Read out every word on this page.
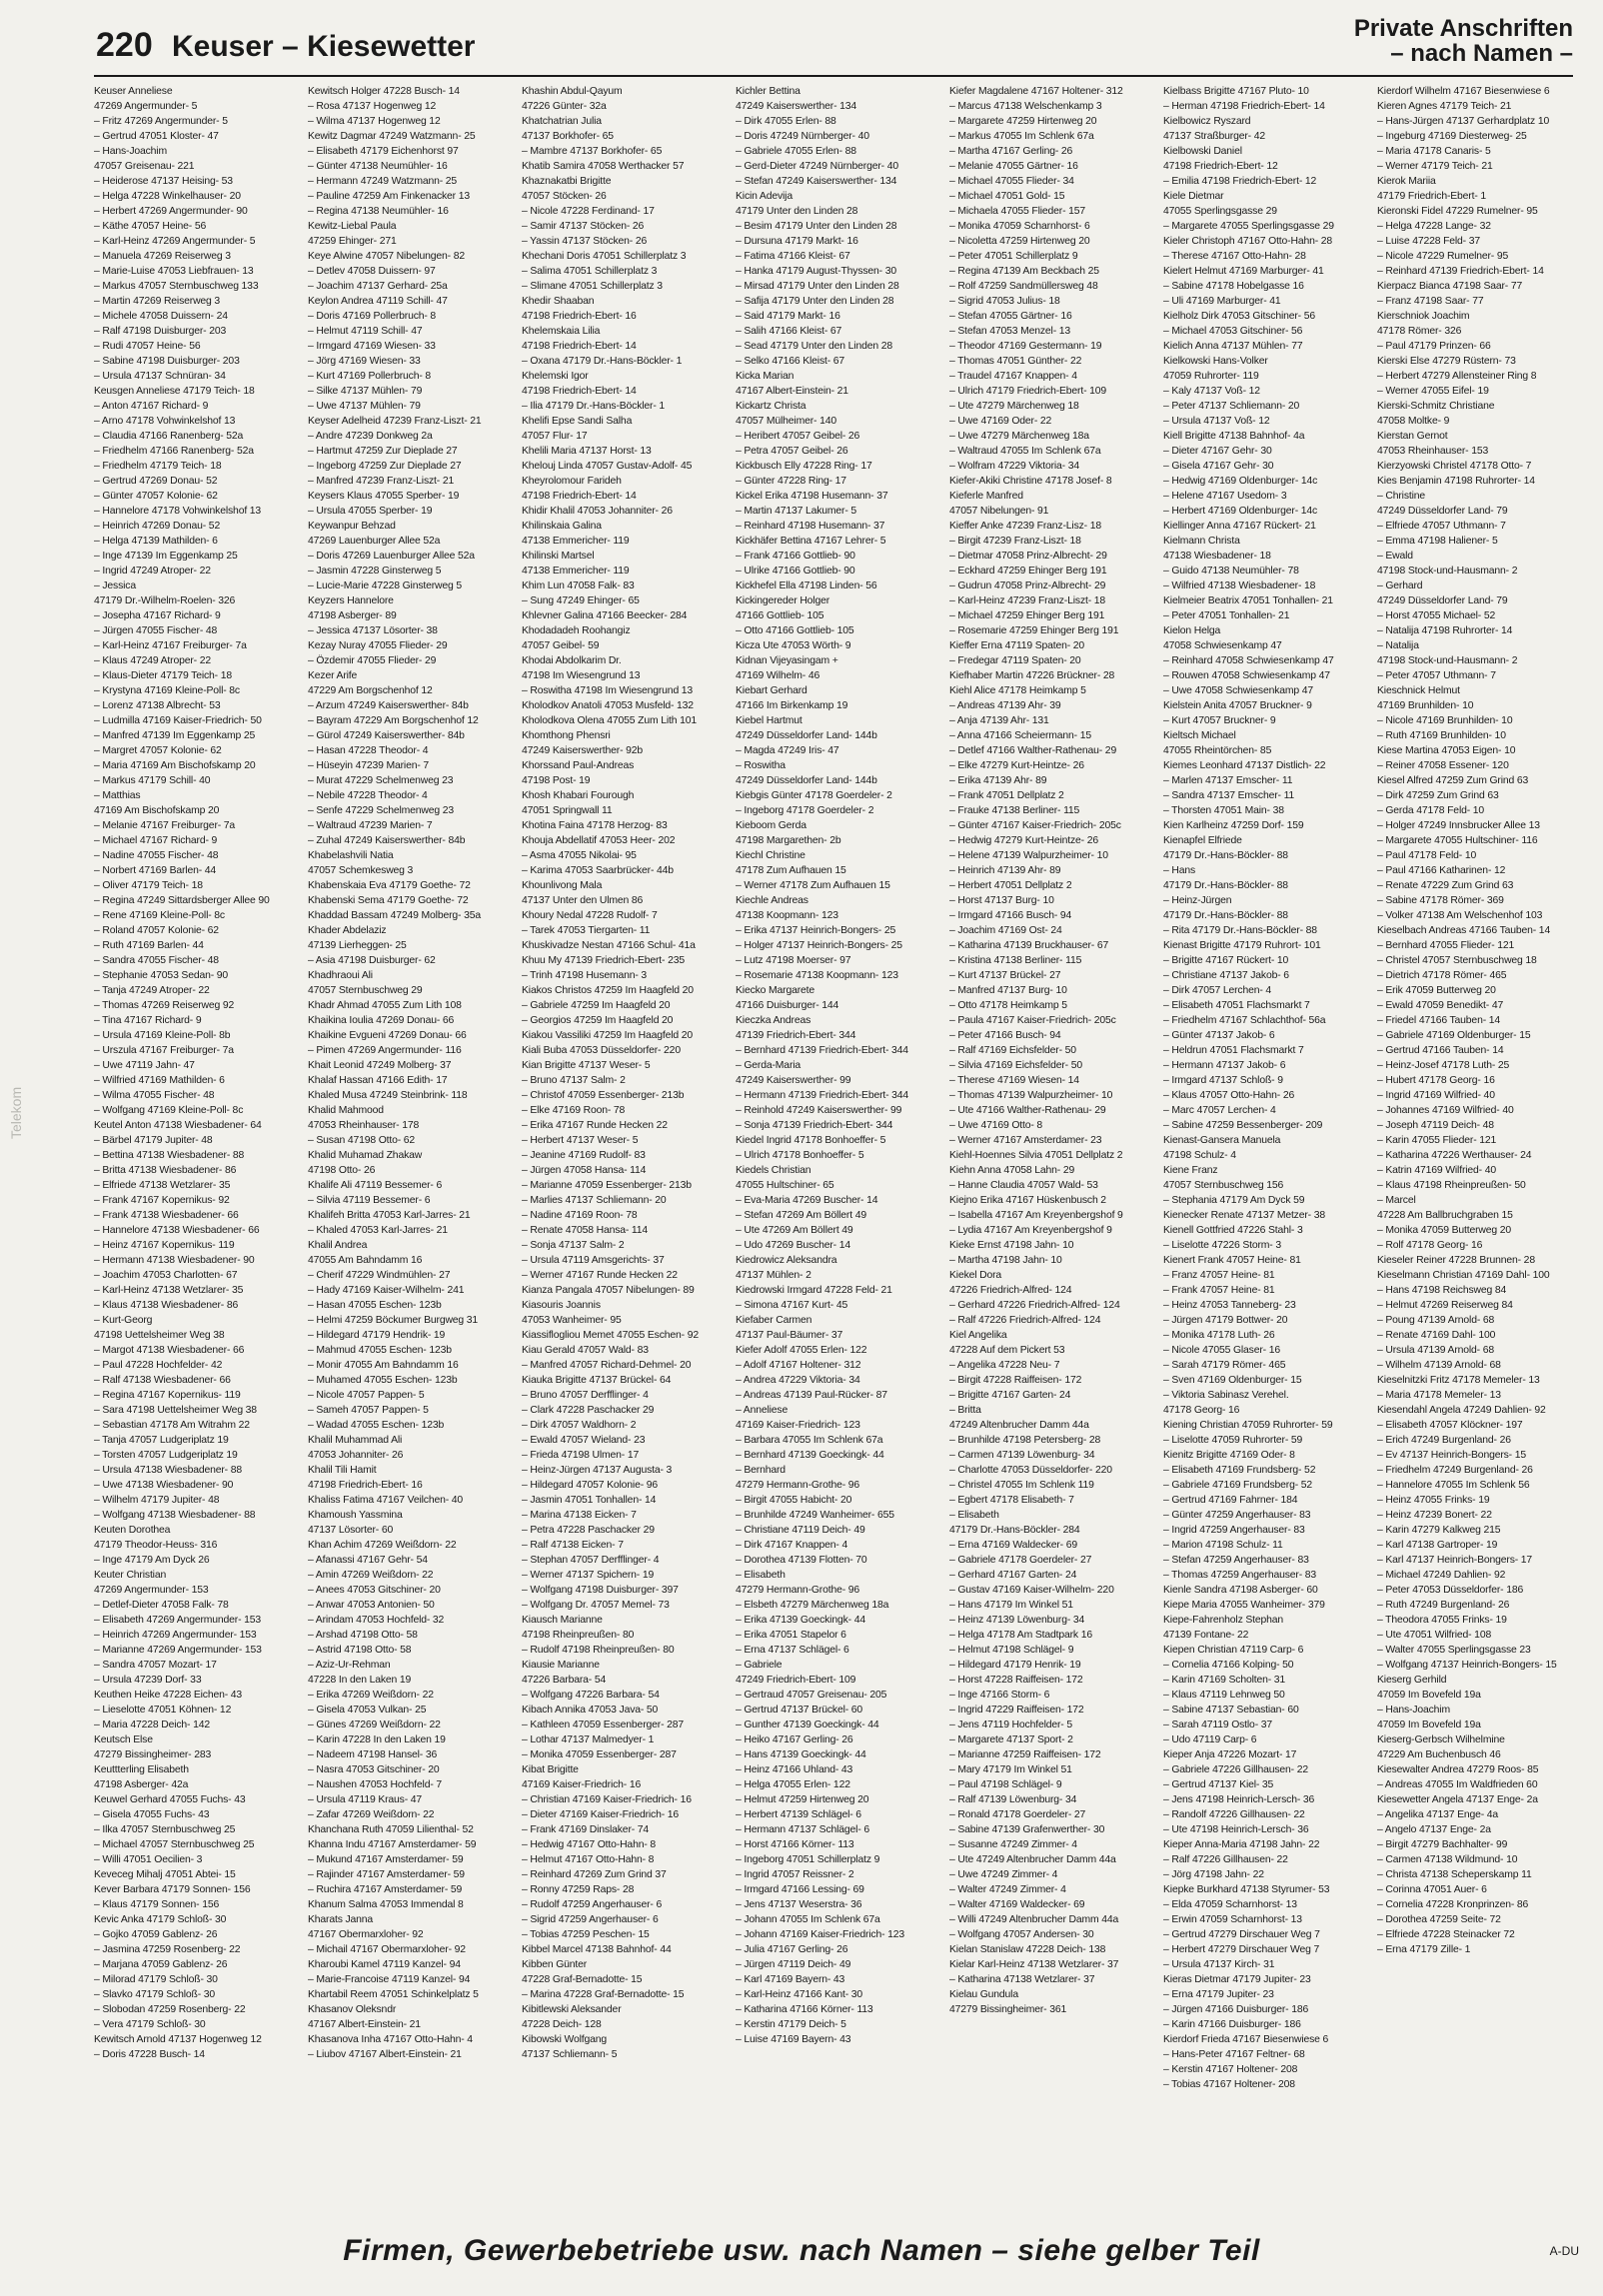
220 Keuser – Kiesewetter
Private Anschriften
– nach Namen –
Keuser Anneliese
47269 Angermunder- 5
– Fritz 47269 Angermunder- 5
– Gertrud 47051 Kloster- 47
– Hans-Joachim
47057 Greisenau- 221
– Heiderose 47137 Heising- 53
– Helga 47228 Winkelhauser- 20
– Herbert 47269 Angermunder- 90
– Käthe 47057 Heine- 56
– Karl-Heinz 47269 Angermunder- 5
– Manuela 47269 Reiserweg 3
– Marie-Luise 47053 Liebfrauen- 13
– Markus 47057 Sternbuschweg 133
– Martin 47269 Reiserweg 3
– Michele 47058 Duissern- 24
– Ralf 47198 Duisburger- 203
– Rudi 47057 Heine- 56
– Sabine 47198 Duisburger- 203
– Ursula 47137 Schnüran- 34
Keusgen Anneliese 47179 Teich- 18
– Anton 47167 Richard- 9
– Arno 47178 Vohwinkelshof 13
– Claudia 47166 Ranenberg- 52a
– Friedhelm 47166 Ranenberg- 52a
– Friedhelm 47179 Teich- 18
– Gertrud 47269 Donau- 52
– Günter 47057 Kolonie- 62
– Hannelore 47178 Vohwinkelshof 13
– Heinrich 47269 Donau- 52
– Helga 47139 Mathilden- 6
– Inge 47139 Im Eggenkamp 25
– Ingrid 47249 Atroper- 22
– Jessica
47179 Dr.-Wilhelm-Roelen- 326
– Josepha 47167 Richard- 9
– Jürgen 47055 Fischer- 48
– Karl-Heinz 47167 Freiburger- 7a
– Klaus 47249 Atroper- 22
– Klaus-Dieter 47179 Teich- 18
– Krystyna 47169 Kleine-Poll- 8c
– Lorenz 47138 Albrecht- 53
– Ludmilla 47169 Kaiser-Friedrich- 50
– Manfred 47139 Im Eggenkamp 25
– Margret 47057 Kolonie- 62
– Maria 47169 Am Bischofskamp 20
– Markus 47179 Schill- 40
– Matthias
47169 Am Bischofskamp 20
– Melanie 47167 Freiburger- 7a
– Michael 47167 Richard- 9
– Nadine 47055 Fischer- 48
– Norbert 47169 Barlen- 44
– Oliver 47179 Teich- 18
– Regina 47249 Sittardsberger Allee 90
– Rene 47169 Kleine-Poll- 8c
– Roland 47057 Kolonie- 62
– Ruth 47169 Barlen- 44
– Sandra 47055 Fischer- 48
– Stephanie 47053 Sedan- 90
– Tanja 47249 Atroper- 22
– Thomas 47269 Reiserweg 92
– Tina 47167 Richard- 9
– Ursula 47169 Kleine-Poll- 8b
– Urszula 47167 Freiburger- 7a
– Uwe 47119 Jahn- 47
– Wilfried 47169 Mathilden- 6
– Wilma 47055 Fischer- 48
– Wolfgang 47169 Kleine-Poll- 8c
Keutel Anton 47138 Wiesbadener- 64
– Bärbel 47179 Jupiter- 48
– Bettina 47138 Wiesbadener- 88
– Britta 47138 Wiesbadener- 86
– Elfriede 47138 Wetzlarer- 35
– Frank 47167 Kopernikus- 92
– Frank 47138 Wiesbadener- 66
– Hannelore 47138 Wiesbadener- 66
– Heinz 47167 Kopernikus- 119
– Hermann 47138 Wiesbadener- 90
– Joachim 47053 Charlotten- 67
– Karl-Heinz 47138 Wetzlarer- 35
– Klaus 47138 Wiesbadener- 86
– Kurt-Georg
47198 Uettelsheimer Weg 38
– Margot 47138 Wiesbadener- 66
– Paul 47228 Hochfelder- 42
– Ralf 47138 Wiesbadener- 66
– Regina 47167 Kopernikus- 119
– Sara 47198 Uettelsheimer Weg 38
– Sebastian 47178 Am Witrahm 22
– Tanja 47057 Ludgeriplatz 19
– Torsten 47057 Ludgeriplatz 19
– Ursula 47138 Wiesbadener- 88
– Uwe 47138 Wiesbadener- 90
– Wilhelm 47179 Jupiter- 48
– Wolfgang 47138 Wiesbadener- 88
Keuten Dorothea
47179 Theodor-Heuss- 316
– Inge 47179 Am Dyck 26
Keuter Christian
47269 Angermunder- 153
– Detlef-Dieter 47058 Falk- 78
– Elisabeth 47269 Angermunder- 153
– Heinrich 47269 Angermunder- 153
– Marianne 47269 Angermunder- 153
– Sandra 47057 Mozart- 17
– Ursula 47239 Dorf- 33
Keuthen Heike 47228 Eichen- 43
– Lieselotte 47051 Köhnen- 12
– Maria 47228 Deich- 142
Keutsch Else
47279 Bissingheimer- 283
Keuttterling Elisabeth
47198 Asberger- 42a
Keuwel Gerhard 47055 Fuchs- 43
– Gisela 47055 Fuchs- 43
– Ilka 47057 Sternbuschweg 25
– Michael 47057 Sternbuschweg 25
– Willi 47051 Oecilien- 3
Keveceg Mihalj 47051 Abtei- 15
Kever Barbara 47179 Sonnen- 156
– Klaus 47179 Sonnen- 156
Kevic Anka 47179 Schloß- 30
– Gojko 47059 Gablenz- 26
– Jasmina 47259 Rosenberg- 22
– Marjana 47059 Gablenz- 26
– Milorad 47179 Schloß- 30
– Slavko 47179 Schloß- 30
– Slobodan 47259 Rosenberg- 22
– Vera 47179 Schloß- 30
Kewitsch Arnold 47137 Hogenweg 12
– Doris 47228 Busch- 14
Kewitsch Holger 47228 Busch- 14
– Rosa 47137 Hogenweg 12
– Wilma 47137 Hogenweg 12
Kewitz Dagmar 47249 Watzmann- 25
– Elisabeth 47179 Eichenhorst 97
– Günter 47138 Neumühler- 16
– Hermann 47249 Watzmann- 25
– Pauline 47259 Am Finkenacker 13
– Regina 47138 Neumühler- 16
Kewitz-Liebal Paula
47259 Ehinger- 271
Keye Alwine 47057 Nibelungen- 82
– Detlev 47058 Duissern- 97
– Joachim 47137 Gerhard- 25a
Keylon Andrea 47119 Schill- 47
– Doris 47169 Pollerbruch- 8
– Helmut 47119 Schill- 47
– Irmgard 47169 Wiesen- 33
– Jörg 47169 Wiesen- 33
– Kurt 47169 Pollerbruch- 8
– Silke 47137 Mühlen- 79
– Uwe 47137 Mühlen- 79
Keyser Adelheid 47239 Franz-Liszt- 21
– Andre 47239 Donkweg 2a
– Hartmut 47259 Zur Dieplade 27
– Ingeborg 47259 Zur Dieplade 27
– Manfred 47239 Franz-Liszt- 21
Keysers Klaus 47055 Sperber- 19
– Ursula 47055 Sperber- 19
Keywanpur Behzad
47269 Lauenburger Allee 52a
– Doris 47269 Lauenburger Allee 52a
– Jasmin 47228 Ginsterweg 5
– Lucie-Marie 47228 Ginsterweg 5
Keyzers Hannelore
47198 Asberger- 89
– Jessica 47137 Lösorter- 38
Kezay Nuray 47055 Flieder- 29
– Özdemir 47055 Flieder- 29
Kezer Arife
47229 Am Borgschenhof 12
– Arzum 47249 Kaiserswerther- 84b
– Bayram 47229 Am Borgschenhof 12
– Gürol 47249 Kaiserswerther- 84b
– Hasan 47228 Theodor- 4
– Hüseyin 47239 Marien- 7
– Murat 47229 Schelmenweg 23
– Nebile 47228 Theodor- 4
– Senfe 47229 Schelmenweg 23
– Waltraud 47239 Marien- 7
– Zuhal 47249 Kaiserswerther- 84b
Khabelashvili Natia
47057 Schemkesweg 3
Khabenskaia Eva 47179 Goethe- 72
Khabenski Sema 47179 Goethe- 72
Khaddad Bassam 47249 Molberg- 35a
Khader Abdelaziz
47139 Lierheggen- 25
– Asia 47198 Duisburger- 62
Khadhraoui Ali
47057 Sternbuschweg 29
Khadr Ahmad 47055 Zum Lith 108
Khaikina Ioulia 47269 Donau- 66
Khaikine Evgueni 47269 Donau- 66
– Pimen 47269 Angermunder- 116
Khait Leonid 47249 Molberg- 37
Khalaf Hassan 47166 Edith- 17
Khaled Musa 47249 Steinbrink- 118
Khalid Mahmood
47053 Rheinhauser- 178
– Susan 47198 Otto- 62
Khalid Muhamad Zhakaw
47198 Otto- 26
Khalife Ali 47119 Bessemer- 6
– Silvia 47119 Bessemer- 6
Khalifeh Britta 47053 Karl-Jarres- 21
– Khaled 47053 Karl-Jarres- 21
Khalil Andrea
47055 Am Bahndamm 16
– Cherif 47229 Windmühlen- 27
– Hady 47169 Kaiser-Wilhelm- 241
– Hasan 47055 Eschen- 123b
– Helmi 47259 Böckumer Burgweg 31
– Hildegard 47179 Hendrik- 19
– Mahmud 47055 Eschen- 123b
– Monir 47055 Am Bahndamm 16
– Muhamed 47055 Eschen- 123b
– Nicole 47057 Pappen- 5
– Sameh 47057 Pappen- 5
– Wadad 47055 Eschen- 123b
Khalil Muhammad Ali
47053 Johanniter- 26
Khalil Tili Hamit
47198 Friedrich-Ebert- 16
Khaliss Fatima 47167 Veilchen- 40
Khamoush Yassmina
47137 Lösorter- 60
Khan Achim 47269 Weißdorn- 22
– Afanassi 47167 Gehr- 54
– Amin 47269 Weißdorn- 22
– Anees 47053 Gitschiner- 20
– Anwar 47053 Antonien- 50
– Arindam 47053 Hochfeld- 32
– Arshad 47198 Otto- 58
– Astrid 47198 Otto- 58
– Aziz-Ur-Rehman
47228 In den Laken 19
– Erika 47269 Weißdorn- 22
– Gisela 47053 Vulkan- 25
– Günes 47269 Weißdorn- 22
– Karin 47228 In den Laken 19
– Nadeem 47198 Hansel- 36
– Nasra 47053 Gitschiner- 20
– Naushen 47053 Hochfeld- 7
– Ursula 47119 Kraus- 47
– Zafar 47269 Weißdorn- 22
Khanchana Ruth 47059 Lilienthal- 52
Khanna Indu 47167 Amsterdamer- 59
– Mukund 47167 Amsterdamer- 59
– Rajinder 47167 Amsterdamer- 59
– Ruchira 47167 Amsterdamer- 59
Khanum Salma 47053 Immendal 8
Kharats Janna
47167 Obermarxloher- 92
– Michail 47167 Obermarxloher- 92
Kharoubi Kamel 47119 Kanzel- 94
– Marie-Francoise 47119 Kanzel- 94
Khartabil Reem 47051 Schinkelplatz 5
Khasanov Oleksndr
47167 Albert-Einstein- 21
Khasanova Inha 47167 Otto-Hahn- 4
– Liubov 47167 Albert-Einstein- 21
Khashin Abdul-Qayum
47226 Günter- 32a
Khatchatrian Julia
47137 Borkhofer- 65
– Mambre 47137 Borkhofer- 65
Khatib Samira 47058 Werthacker 57
Khaznakatbi Brigitte
47057 Stöcken- 26
– Nicole 47228 Ferdinand- 17
– Samir 47137 Stöcken- 26
– Yassin 47137 Stöcken- 26
Khechani Doris 47051 Schillerplatz 3
– Salima 47051 Schillerplatz 3
– Slimane 47051 Schillerplatz 3
Khedir Shaaban
47198 Friedrich-Ebert- 16
Khelemskaia Lilia
47198 Friedrich-Ebert- 14
– Oxana 47179 Dr.-Hans-Böckler- 1
Khelemski Igor
47198 Friedrich-Ebert- 14
– Ilia 47179 Dr.-Hans-Böckler- 1
Khelifi Epse Sandi Salha
47057 Flur- 17
Khelili Maria 47137 Horst- 13
Khelouj Linda 47057 Gustav-Adolf- 45
Kheyrolomour Farideh
47198 Friedrich-Ebert- 14
Khidir Khalil 47053 Johanniter- 26
Khilinskaia Galina
47138 Emmericher- 119
Khilinski Martsel
47138 Emmericher- 119
Khim Lun 47058 Falk- 83
– Sung 47249 Ehinger- 65
Khlevner Galina 47166 Beecker- 284
Khodadadeh Roohangiz
47057 Geibel- 59
Khodai Abdolkarim Dr.
47198 Im Wiesengrund 13
– Roswitha 47198 Im Wiesengrund 13
Kholodkov Anatoli 47053 Musfeld- 132
Kholodkova Olena 47055 Zum Lith 101
Khomthong Phensri
47249 Kaiserswerther- 92b
Khorssand Paul-Andreas
47198 Post- 19
Khosh Khabari Fourough
47051 Springwall 11
Khotina Faina 47178 Herzog- 83
Khouja Abdellatif 47053 Heer- 202
– Asma 47055 Nikolai- 95
– Karima 47053 Saarbrücker- 44b
Khounlivong Mala
47137 Unter den Ulmen 86
Khoury Nedal 47228 Rudolf- 7
– Tarek 47053 Tiergarten- 11
Khuskivadze Nestan 47166 Schul- 41a
Khuu My 47139 Friedrich-Ebert- 235
– Trinh 47198 Husemann- 3
Kiakos Christos 47259 Im Haagfeld 20
– Gabriele 47259 Im Haagfeld 20
– Georgios 47259 Im Haagfeld 20
Kiakou Vassiliki 47259 Im Haagfeld 20
Kiali Buba 47053 Düsseldorfer- 220
Kian Brigitte 47137 Weser- 5
– Bruno 47137 Salm- 2
– Christof 47059 Essenberger- 213b
– Elke 47169 Roon- 78
– Erika 47167 Runde Hecken 22
– Herbert 47137 Weser- 5
– Jeanine 47169 Rudolf- 83
– Jürgen 47058 Hansa- 114
– Marianne 47059 Essenberger- 213b
– Marlies 47137 Schliemann- 20
– Nadine 47169 Roon- 78
– Renate 47058 Hansa- 114
– Sonja 47137 Salm- 2
– Ursula 47119 Amsgerichts- 37
– Werner 47167 Runde Hecken 22
Kianza Pangala 47057 Nibelungen- 89
Kiasouris Joannis
47053 Wanheimer- 95
Kiassiflogliou Memet 47055 Eschen- 92
Kiau Gerald 47057 Wald- 83
– Manfred 47057 Richard-Dehmel- 20
Kiauka Brigitte 47137 Brückel- 64
– Bruno 47057 Derfflinger- 4
– Clark 47228 Paschacker 29
– Dirk 47057 Waldhorn- 2
– Ewald 47057 Wieland- 23
– Frieda 47198 Ulmen- 17
– Heinz-Jürgen 47137 Augusta- 3
– Hildegard 47057 Kolonie- 96
– Jasmin 47051 Tonhallen- 14
– Marina 47138 Eicken- 7
– Petra 47228 Paschacker 29
– Ralf 47138 Eicken- 7
– Stephan 47057 Derfflinger- 4
– Werner 47137 Spichern- 19
– Wolfgang 47198 Duisburger- 397
– Wolfgang Dr. 47057 Memel- 73
Kiausch Marianne
47198 Rheinpreußen- 80
– Rudolf 47198 Rheinpreußen- 80
Kiausie Marianne
47226 Barbara- 54
– Wolfgang 47226 Barbara- 54
Kibach Annika 47053 Java- 50
– Kathleen 47059 Essenberger- 287
– Lothar 47137 Malmedyer- 1
– Monika 47059 Essenberger- 287
Kibat Brigitte
47169 Kaiser-Friedrich- 16
– Christian 47169 Kaiser-Friedrich- 16
– Dieter 47169 Kaiser-Friedrich- 16
– Frank 47169 Dinslaker- 74
– Hedwig 47167 Otto-Hahn- 8
– Helmut 47167 Otto-Hahn- 8
– Reinhard 47269 Zum Grind 37
– Ronny 47259 Raps- 28
– Rudolf 47259 Angerhauser- 6
– Sigrid 47259 Angerhauser- 6
– Tobias 47259 Peschen- 15
Kibbel Marcel 47138 Bahnhof- 44
Kibben Günter
47228 Graf-Bernadotte- 15
– Marina 47228 Graf-Bernadotte- 15
Kibitlewski Aleksander
47228 Deich- 128
Kibowski Wolfgang
47137 Schliemann- 5
Kichler Bettina
47249 Kaiserswerther- 134
– Dirk 47055 Erlen- 88
– Doris 47249 Nürnberger- 40
– Gabriele 47055 Erlen- 88
– Gerd-Dieter 47249 Nürnberger- 40
– Stefan 47249 Kaiserswerther- 134
Kicin Adevija
47179 Unter den Linden 28
– Besim 47179 Unter den Linden 28
– Dursuna 47179 Markt- 16
– Fatima 47166 Kleist- 67
– Hanka 47179 August-Thyssen- 30
– Mirsad 47179 Unter den Linden 28
– Safija 47179 Unter den Linden 28
– Said 47179 Markt- 16
– Salih 47166 Kleist- 67
– Sead 47179 Unter den Linden 28
– Selko 47166 Kleist- 67
Kicka Marian
47167 Albert-Einstein- 21
Kickartz Christa
47057 Mülheimer- 140
– Heribert 47057 Geibel- 26
– Petra 47057 Geibel- 26
Kickbusch Elly 47228 Ring- 17
– Günter 47228 Ring- 17
Kickel Erika 47198 Husemann- 37
– Martin 47137 Lakumer- 5
– Reinhard 47198 Husemann- 37
Kickhäfer Bettina 47167 Lehrer- 5
– Frank 47166 Gottlieb- 90
– Ulrike 47166 Gottlieb- 90
Kickhefel Ella 47198 Linden- 56
Kickingereder Holger
47166 Gottlieb- 105
– Otto 47166 Gottlieb- 105
Kicza Ute 47053 Wörth- 9
Kidnan Vijeyasingam +
47169 Wilhelm- 46
Kiebart Gerhard
47166 Im Birkenkamp 19
Kiebel Hartmut
47249 Düsseldorfer Land- 144b
– Magda 47249 Iris- 47
– Roswitha
47249 Düsseldorfer Land- 144b
Kiebgis Günter 47178 Goerdeler- 2
– Ingeborg 47178 Goerdeler- 2
Kieboom Gerda
47198 Margarethen- 2b
Kiechl Christine
47178 Zum Aufhauen 15
– Werner 47178 Zum Aufhauen 15
Kiechle Andreas
47138 Koopmann- 123
– Erika 47137 Heinrich-Bongers- 25
– Holger 47137 Heinrich-Bongers- 25
– Lutz 47198 Moerser- 97
– Rosemarie 47138 Koopmann- 123
Kiecko Margarete
47166 Duisburger- 144
Kieczka Andreas
47139 Friedrich-Ebert- 344
– Bernhard 47139 Friedrich-Ebert- 344
– Gerda-Maria
47249 Kaiserswerther- 99
– Hermann 47139 Friedrich-Ebert- 344
– Reinhold 47249 Kaiserswerther- 99
– Sonja 47139 Friedrich-Ebert- 344
Kiedel Ingrid 47178 Bonhoeffer- 5
– Ulrich 47178 Bonhoeffer- 5
Kiedels Christian
47055 Hultschiner- 65
– Eva-Maria 47269 Buscher- 14
– Stefan 47269 Am Böllert 49
– Ute 47269 Am Böllert 49
– Udo 47269 Buscher- 14
Kiedrowicz Aleksandra
47137 Mühlen- 2
Kiedrowski Irmgard 47228 Feld- 21
– Simona 47167 Kurt- 45
Kiefaber Carmen
47137 Paul-Bäumer- 37
Kiefer Adolf 47055 Erlen- 122
– Adolf 47167 Holtener- 312
– Andrea 47229 Viktoria- 34
– Andreas 47139 Paul-Rücker- 87
– Anneliese
47169 Kaiser-Friedrich- 123
– Barbara 47055 Im Schlenk 67a
– Bernhard 47139 Goeckingk- 44
– Bernhard
47279 Hermann-Grothe- 96
– Birgit 47055 Habicht- 20
– Brunhilde 47249 Wanheimer- 655
– Christiane 47119 Deich- 49
– Dirk 47167 Knappen- 4
– Dorothea 47139 Flotten- 70
– Elisabeth
47279 Hermann-Grothe- 96
– Elsbeth 47279 Märchenweg 18a
– Erika 47139 Goeckingk- 44
– Erika 47051 Stapelor 6
– Erna 47137 Schlägel- 6
– Gabriele
47249 Friedrich-Ebert- 109
– Gertraud 47057 Greisenau- 205
– Gertrud 47137 Brückel- 60
– Gunther 47139 Goeckingk- 44
– Heiko 47167 Gerling- 26
– Hans 47139 Goeckingk- 44
– Heinz 47166 Uhland- 43
– Helga 47055 Erlen- 122
– Helmut 47259 Hirtenweg 20
– Herbert 47139 Schlägel- 6
– Hermann 47137 Schlägel- 6
– Horst 47166 Körner- 113
– Ingeborg 47051 Schillerplatz 9
– Ingrid 47057 Reissner- 2
– Irmgard 47166 Lessing- 69
– Jens 47137 Weserstra- 36
– Johann 47055 Im Schlenk 67a
– Johann 47169 Kaiser-Friedrich- 123
– Julia 47167 Gerling- 26
– Jürgen 47119 Deich- 49
– Karl 47169 Bayern- 43
– Karl-Heinz 47166 Kant- 30
– Katharina 47166 Körner- 113
– Kerstin 47179 Deich- 5
– Luise 47169 Bayern- 43
Kiefer Magdalene 47167 Holtener- 312
– Marcus 47138 Welschenkamp 3
– Margarete 47259 Hirtenweg 20
– Markus 47055 Im Schlenk 67a
– Martha 47167 Gerling- 26
– Melanie 47055 Gärtner- 16
– Michael 47055 Flieder- 34
– Michael 47051 Gold- 15
– Michaela 47055 Flieder- 157
– Monika 47059 Scharnhorst- 6
– Nicoletta 47259 Hirtenweg 20
– Peter 47051 Schillerplatz 9
– Regina 47139 Am Beckbach 25
– Rolf 47259 Sandmüllersweg 48
– Sigrid 47053 Julius- 18
– Stefan 47055 Gärtner- 16
– Stefan 47053 Menzel- 13
– Theodor 47169 Gestermann- 19
– Thomas 47051 Günther- 22
– Traudel 47167 Knappen- 4
– Ulrich 47179 Friedrich-Ebert- 109
– Ute 47279 Märchenweg 18
– Uwe 47169 Oder- 22
– Uwe 47279 Märchenweg 18a
– Waltraud 47055 Im Schlenk 67a
– Wolfram 47229 Viktoria- 34
Kiefer-Akiki Christine 47178 Josef- 8
Kieferle Manfred
47057 Nibelungen- 91
Kieffer Anke 47239 Franz-Lisz- 18
– Birgit 47239 Franz-Liszt- 18
– Dietmar 47058 Prinz-Albrecht- 29
– Eckhard 47259 Ehinger Berg 191
– Gudrun 47058 Prinz-Albrecht- 29
– Karl-Heinz 47239 Franz-Liszt- 18
– Michael 47259 Ehinger Berg 191
– Rosemarie 47259 Ehinger Berg 191
Kieffer Erna 47119 Spaten- 20
– Fredegar 47119 Spaten- 20
Kiefhaber Martin 47226 Brückner- 28
Kiehl Alice 47178 Heimkamp 5
– Andreas 47139 Ahr- 39
– Anja 47139 Ahr- 131
– Anna 47166 Scheiermann- 15
– Detlef 47166 Walther-Rathenau- 29
– Elke 47279 Kurt-Heintze- 26
– Erika 47139 Ahr- 89
– Frank 47051 Dellplatz 2
– Frauke 47138 Berliner- 115
– Günter 47167 Kaiser-Friedrich- 205c
– Hedwig 47279 Kurt-Heintze- 26
– Helene 47139 Walpurzheimer- 10
– Heinrich 47139 Ahr- 89
– Herbert 47051 Dellplatz 2
– Horst 47137 Burg- 10
– Irmgard 47166 Busch- 94
– Joachim 47169 Ost- 24
– Katharina 47139 Bruckhauser- 67
– Kristina 47138 Berliner- 115
– Kurt 47137 Brückel- 27
– Manfred 47137 Burg- 10
– Otto 47178 Heimkamp 5
– Paula 47167 Kaiser-Friedrich- 205c
– Peter 47166 Busch- 94
– Ralf 47169 Eichsfelder- 50
– Silvia 47169 Eichsfelder- 50
– Therese 47169 Wiesen- 14
– Thomas 47139 Walpurzheimer- 10
– Ute 47166 Walther-Rathenau- 29
– Uwe 47169 Otto- 8
– Werner 47167 Amsterdamer- 23
Kiehl-Hoennes Silvia 47051 Dellplatz 2
Kiehn Anna 47058 Lahn- 29
– Hanne Claudia 47057 Wald- 53
Kiejno Erika 47167 Hüskenbusch 2
– Isabella 47167 Am Kreyenbergshof 9
– Lydia 47167 Am Kreyenbergshof 9
Kieke Ernst 47198 Jahn- 10
– Martha 47198 Jahn- 10
Kiekel Dora
47226 Friedrich-Alfred- 124
– Gerhard 47226 Friedrich-Alfred- 124
– Ralf 47226 Friedrich-Alfred- 124
Kiel Angelika
47228 Auf dem Pickert 53
– Angelika 47228 Neu- 7
– Birgit 47228 Raiffeisen- 172
– Brigitte 47167 Garten- 24
– Britta
47249 Altenbrucher Damm 44a
– Brunhilde 47198 Petersberg- 28
– Carmen 47139 Löwenburg- 34
– Charlotte 47053 Düsseldorfer- 220
– Christel 47055 Im Schlenk 119
– Egbert 47178 Elisabeth- 7
– Elisabeth
47179 Dr.-Hans-Böckler- 284
– Erna 47169 Waldecker- 69
– Gabriele 47178 Goerdeler- 27
– Gerhard 47167 Garten- 24
– Gustav 47169 Kaiser-Wilhelm- 220
– Hans 47179 Im Winkel 51
– Heinz 47139 Löwenburg- 34
– Helga 47178 Am Stadtpark 16
– Helmut 47198 Schlägel- 9
– Hildegard 47179 Henrik- 19
– Horst 47228 Raiffeisen- 172
– Inge 47166 Storm- 6
– Ingrid 47229 Raiffeisen- 172
– Jens 47119 Hochfelder- 5
– Margarete 47137 Sport- 2
– Marianne 47259 Raiffeisen- 172
– Mary 47179 Im Winkel 51
– Paul 47198 Schlägel- 9
– Ralf 47139 Löwenburg- 34
– Ronald 47178 Goerdeler- 27
– Sabine 47139 Grafenwerther- 30
– Susanne 47249 Zimmer- 4
– Ute 47249 Altenbrucher Damm 44a
– Uwe 47249 Zimmer- 4
– Walter 47249 Zimmer- 4
– Walter 47169 Waldecker- 69
– Willi 47249 Altenbrucher Damm 44a
– Wolfgang 47057 Andersen- 30
Kielan Stanislaw 47228 Deich- 138
Kielar Karl-Heinz 47138 Wetzlarer- 37
– Katharina 47138 Wetzlarer- 37
Kielau Gundula
47279 Bissingheimer- 361
Kielbass Brigitte 47167 Pluto- 10
– Herman 47198 Friedrich-Ebert- 14
Kielbowicz Ryszard
47137 Straßburger- 42
Kielbowski Daniel
47198 Friedrich-Ebert- 12
– Emilia 47198 Friedrich-Ebert- 12
Kiele Dietmar
47055 Sperlingsgasse 29
– Margarete 47055 Sperlingsgasse 29
Kieler Christoph 47167 Otto-Hahn- 28
– Therese 47167 Otto-Hahn- 28
Kielert Helmut 47169 Marburger- 41
– Sabine 47178 Hobelgasse 16
– Uli 47169 Marburger- 41
Kielholz Dirk 47053 Gitschiner- 56
– Michael 47053 Gitschiner- 56
Kielich Anna 47137 Mühlen- 77
Kielkowski Hans-Volker
47059 Ruhrorter- 119
– Kaly 47137 Voß- 12
– Peter 47137 Schliemann- 20
– Ursula 47137 Voß- 12
Kiell Brigitte 47138 Bahnhof- 4a
– Dieter 47167 Gehr- 30
– Gisela 47167 Gehr- 30
– Hedwig 47169 Oldenburger- 14c
– Helene 47167 Usedom- 3
– Herbert 47169 Oldenburger- 14c
Kiellinger Anna 47167 Rückert- 21
Kielmann Christa
47138 Wiesbadener- 18
– Guido 47138 Neumühler- 78
– Wilfried 47138 Wiesbadener- 18
Kielmeier Beatrix 47051 Tonhallen- 21
– Peter 47051 Tonhallen- 21
Kielon Helga
47058 Schwiesenkamp 47
– Reinhard 47058 Schwiesenkamp 47
– Rouwen 47058 Schwiesenkamp 47
– Uwe 47058 Schwiesenkamp 47
Kielstein Anita 47057 Bruckner- 9
– Kurt 47057 Bruckner- 9
Kieltsch Michael
47055 Rheintörchen- 85
Kiemes Leonhard 47137 Distlich- 22
– Marlen 47137 Emscher- 11
– Sandra 47137 Emscher- 11
– Thorsten 47051 Main- 38
Kien Karlheinz 47259 Dorf- 159
Kienapfel Elfriede
47179 Dr.-Hans-Böckler- 88
– Hans
47179 Dr.-Hans-Böckler- 88
– Heinz-Jürgen
47179 Dr.-Hans-Böckler- 88
– Rita 47179 Dr.-Hans-Böckler- 88
Kienast Brigitte 47179 Ruhrort- 101
– Brigitte 47167 Rückert- 10
– Christiane 47137 Jakob- 6
– Dirk 47057 Lerchen- 4
– Elisabeth 47051 Flachsmarkt 7
– Friedhelm 47167 Schlachthof- 56a
– Günter 47137 Jakob- 6
– Heldrun 47051 Flachsmarkt 7
– Hermann 47137 Jakob- 6
– Irmgard 47137 Schloß- 9
– Klaus 47057 Otto-Hahn- 26
– Marc 47057 Lerchen- 4
– Sabine 47259 Bessenberger- 209
Kienast-Gansera Manuela
47198 Schulz- 4
Kiene Franz
47057 Sternbuschweg 156
– Stephania 47179 Am Dyck 59
Kienecker Renate 47137 Metzer- 38
Kienell Gottfried 47226 Stahl- 3
– Liselotte 47226 Storm- 3
Kienert Frank 47057 Heine- 81
– Franz 47057 Heine- 81
– Frank 47057 Heine- 81
– Heinz 47053 Tanneberg- 23
– Jürgen 47179 Bottwer- 20
– Monika 47178 Luth- 26
– Nicole 47055 Glaser- 16
– Sarah 47179 Römer- 465
– Sven 47169 Oldenburger- 15
– Viktoria Sabinasz Verehel.
47178 Georg- 16
Kiening Christian 47059 Ruhrorter- 59
– Liselotte 47059 Ruhrorter- 59
Kienitz Brigitte 47169 Oder- 8
– Elisabeth 47169 Frundsberg- 52
– Gabriele 47169 Frundsberg- 52
– Gertrud 47169 Fahrner- 184
– Günter 47259 Angerhauser- 83
– Ingrid 47259 Angerhauser- 83
– Marion 47198 Schulz- 11
– Stefan 47259 Angerhauser- 83
– Thomas 47259 Angerhauser- 83
Kienle Sandra 47198 Asberger- 60
Kiepe Maria 47055 Wanheimer- 379
Kiepe-Fahrenholz Stephan
47139 Fontane- 22
Kiepen Christian 47119 Carp- 6
– Cornelia 47166 Kolping- 50
– Karin 47169 Scholten- 31
– Klaus 47119 Lehnweg 50
– Sabine 47137 Sebastian- 60
– Sarah 47119 Ostlo- 37
– Udo 47119 Carp- 6
Kieper Anja 47226 Mozart- 17
– Gabriele 47226 Gillhausen- 22
– Gertrud 47137 Kiel- 35
– Jens 47198 Heinrich-Lersch- 36
– Randolf 47226 Gillhausen- 22
– Ute 47198 Heinrich-Lersch- 36
Kieper Anna-Maria 47198 Jahn- 22
– Ralf 47226 Gillhausen- 22
– Jörg 47198 Jahn- 22
Kiepke Burkhard 47138 Styrumer- 53
– Elda 47059 Scharnhorst- 13
– Erwin 47059 Scharnhorst- 13
– Gertrud 47279 Dirschauer Weg 7
– Herbert 47279 Dirschauer Weg 7
– Ursula 47137 Kirch- 31
Kieras Dietmar 47179 Jupiter- 23
– Erna 47179 Jupiter- 23
– Jürgen 47166 Duisburger- 186
– Karin 47166 Duisburger- 186
Kierdorf Frieda 47167 Biesenwiese 6
– Hans-Peter 47167 Feltner- 68
– Kerstin 47167 Holtener- 208
– Tobias 47167 Holtener- 208
Kierdorf Wilhelm 47167 Biesenwiese 6
Kieren Agnes 47179 Teich- 21
– Hans-Jürgen 47137 Gerhardplatz 10
– Ingeburg 47169 Diesterweg- 25
– Maria 47178 Canaris- 5
– Werner 47179 Teich- 21
Kierok Mariia
47179 Friedrich-Ebert- 1
Kieronski Fidel 47229 Rumelner- 95
– Helga 47228 Lange- 32
– Luise 47228 Feld- 37
– Nicole 47229 Rumelner- 95
– Reinhard 47139 Friedrich-Ebert- 14
Kierpacz Bianca 47198 Saar- 77
– Franz 47198 Saar- 77
Kierschniok Joachim
47178 Römer- 326
– Paul 47179 Prinzen- 66
Kierski Else 47279 Rüstern- 73
– Herbert 47279 Allensteiner Ring 8
– Werner 47055 Eifel- 19
Kierski-Schmitz Christiane
47058 Moltke- 9
Kierstan Gernot
47053 Rheinhauser- 153
Kierzyowski Christel 47178 Otto- 7
Kies Benjamin 47198 Ruhrorter- 14
– Christine
47249 Düsseldorfer Land- 79
– Elfriede 47057 Uthmann- 7
– Emma 47198 Haliener- 5
– Ewald
47198 Stock-und-Hausmann- 2
– Gerhard
47249 Düsseldorfer Land- 79
– Horst 47055 Michael- 52
– Natalija 47198 Ruhrorter- 14
– Natalija
47198 Stock-und-Hausmann- 2
– Peter 47057 Uthmann- 7
Kieschnick Helmut
47169 Brunhilden- 10
– Nicole 47169 Brunhilden- 10
– Ruth 47169 Brunhilden- 10
Kiese Martina 47053 Eigen- 10
– Reiner 47058 Essener- 120
Kiesel Alfred 47259 Zum Grind 63
– Dirk 47259 Zum Grind 63
– Gerda 47178 Feld- 10
– Holger 47249 Innsbrucker Allee 13
– Margarete 47055 Hultschiner- 116
– Paul 47178 Feld- 10
– Paul 47166 Katharinen- 12
– Renate 47229 Zum Grind 63
– Sabine 47178 Römer- 369
– Volker 47138 Am Welschenhof 103
Kieselbach Andreas 47166 Tauben- 14
– Bernhard 47055 Flieder- 121
– Christel 47057 Sternbuschweg 18
– Dietrich 47178 Römer- 465
– Erik 47059 Butterweg 20
– Ewald 47059 Benedikt- 47
– Friedel 47166 Tauben- 14
– Gabriele 47169 Oldenburger- 15
– Gertrud 47166 Tauben- 14
– Heinz-Josef 47178 Luth- 25
– Hubert 47178 Georg- 16
– Ingrid 47169 Wilfried- 40
– Johannes 47169 Wilfried- 40
– Joseph 47119 Deich- 48
– Karin 47055 Flieder- 121
– Katharina 47226 Werthauser- 24
– Katrin 47169 Wilfried- 40
– Klaus 47198 Rheinpreußen- 50
– Marcel
47228 Am Ballbruchgraben 15
– Monika 47059 Butterweg 20
– Rolf 47178 Georg- 16
Kieseler Reiner 47228 Brunnen- 28
Kieselmann Christian 47169 Dahl- 100
– Hans 47198 Reichsweg 84
– Helmut 47269 Reiserweg 84
– Poung 47139 Arnold- 68
– Renate 47169 Dahl- 100
– Ursula 47139 Arnold- 68
– Wilhelm 47139 Arnold- 68
Kieselnitzki Fritz 47178 Memeler- 13
– Maria 47178 Memeler- 13
Kiesendahl Angela 47249 Dahlien- 92
– Elisabeth 47057 Klöckner- 197
– Erich 47249 Burgenland- 26
– Ev 47137 Heinrich-Bongers- 15
– Friedhelm 47249 Burgenland- 26
– Hannelore 47055 Im Schlenk 56
– Heinz 47055 Frinks- 19
– Heinz 47239 Bonert- 22
– Karin 47279 Kalkweg 215
– Karl 47138 Gartroper- 19
– Karl 47137 Heinrich-Bongers- 17
– Michael 47249 Dahlien- 92
– Peter 47053 Düsseldorfer- 186
– Ruth 47249 Burgenland- 26
– Theodora 47055 Frinks- 19
– Ute 47051 Wilfried- 108
– Walter 47055 Sperlingsgasse 23
– Wolfgang 47137 Heinrich-Bongers- 15
Kieserg Gerhild
47059 Im Bovefeld 19a
– Hans-Joachim
47059 Im Bovefeld 19a
Kieserg-Gerbsch Wilhelmine
47229 Am Buchenbusch 46
Kiesewalter Andrea 47279 Roos- 85
– Andreas 47055 Im Waldfrieden 60
Kiesewetter Angela 47137 Enge- 2a
– Angelika 47137 Enge- 4a
– Angelo 47137 Enge- 2a
– Birgit 47279 Bachhalter- 99
– Carmen 47138 Wildmund- 10
– Christa 47138 Scheperskamp 11
– Corinna 47051 Auer- 6
– Cornelia 47228 Kronprinzen- 86
– Dorothea 47259 Seite- 72
– Elfriede 47228 Steinacker 72
– Erna 47179 Zille- 1
Telekom
Firmen, Gewerbebetriebe usw. nach Namen – siehe gelber Teil	A-DU
